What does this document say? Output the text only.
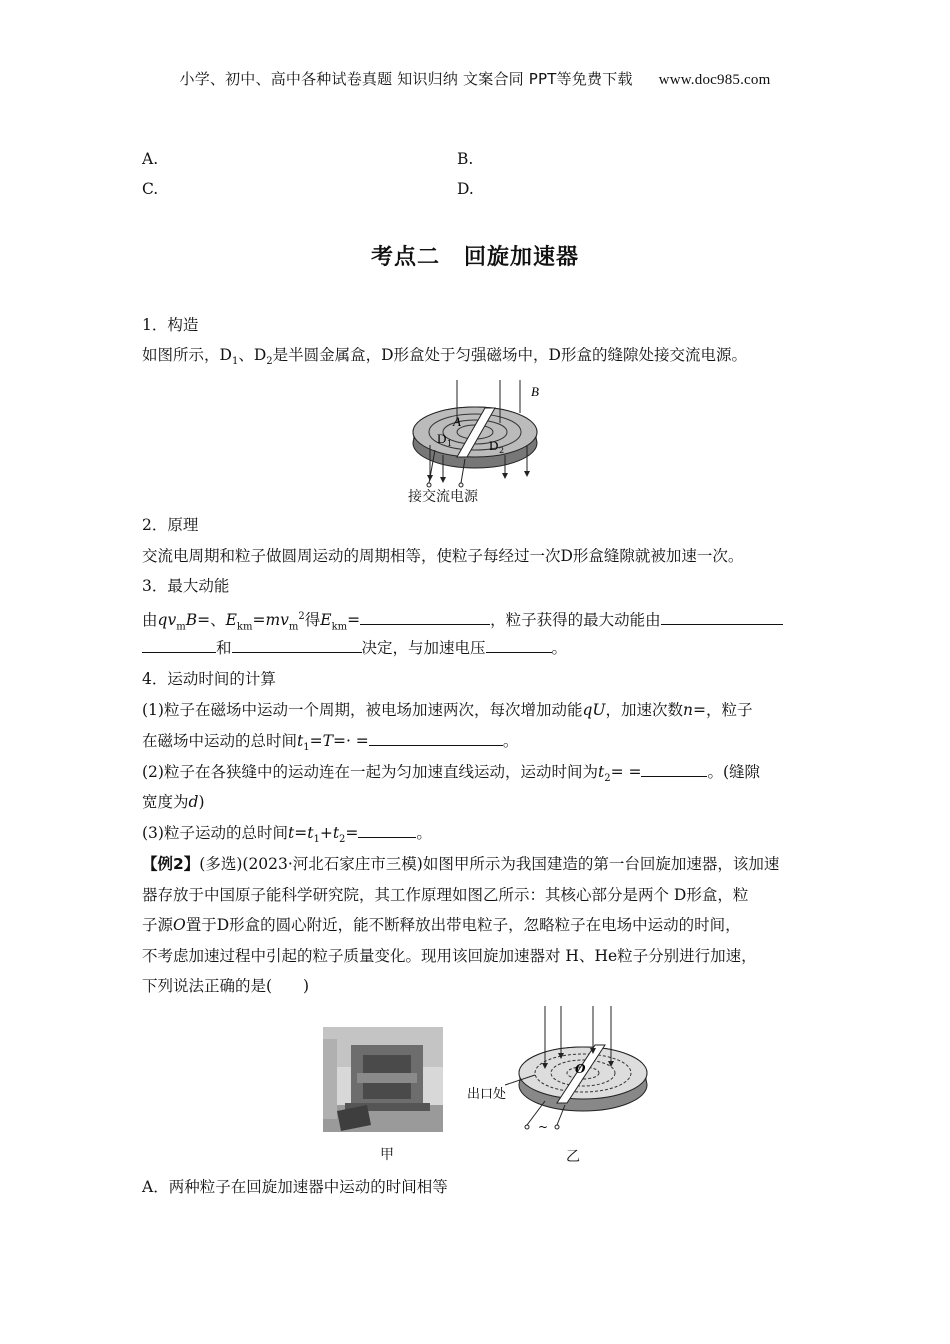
小学、初中、高中各种试卷真题 知识归纳 文案合同 PPT等免费下载 www.doc985.com
A.	B.
C.	D.
考点二 回旋加速器
1．构造
如图所示，$D_1$、$D_2$是半圆金属盒，D形盒处于匀强磁场中，D形盒的缝隙处接交流电源。
B
A
D 1	D 2
接交流电源
2．原理
交流电周期和粒子做圆周运动的周期相等，使粒子每经过一次D形盒缝隙就被加速一次。
3．最大动能
由$qv_mB=$、$E_{km}=mv_m^2$得$E_{km}=$	，粒子获得的最大动能由
和	决定，与加速电压	。
4．运动时间的计算
(1)粒子在磁场中运动一个周期，被电场加速两次，每次增加动能qU，加速次数n=，粒子
在磁场中运动的总时间$t_1=T=\cdot$ =	。
(2)粒子在各狭缝中的运动连在一起为匀加速直线运动，运动时间为$t_2=$ =	。(缝隙
宽度为d)
(3)粒子运动的总时间$t=t_1+t_2=$	。
【例2】(多选)(2023·河北石家庄市三模)如图甲所示为我国建造的第一台回旋加速器，该加速
器存放于中国原子能科学研究院，其工作原理如图乙所示：其核心部分是两个 D形盒，粒
子源O置于D形盒的圆心附近，能不断释放出带电粒子，忽略粒子在电场中运动的时间，
不考虑加速过程中引起的粒子质量变化。现用该回旋加速器对 H、He粒子分别进行加速，
下列说法正确的是(　　)
甲
~
O
出口处
乙
A．两种粒子在回旋加速器中运动的时间相等
